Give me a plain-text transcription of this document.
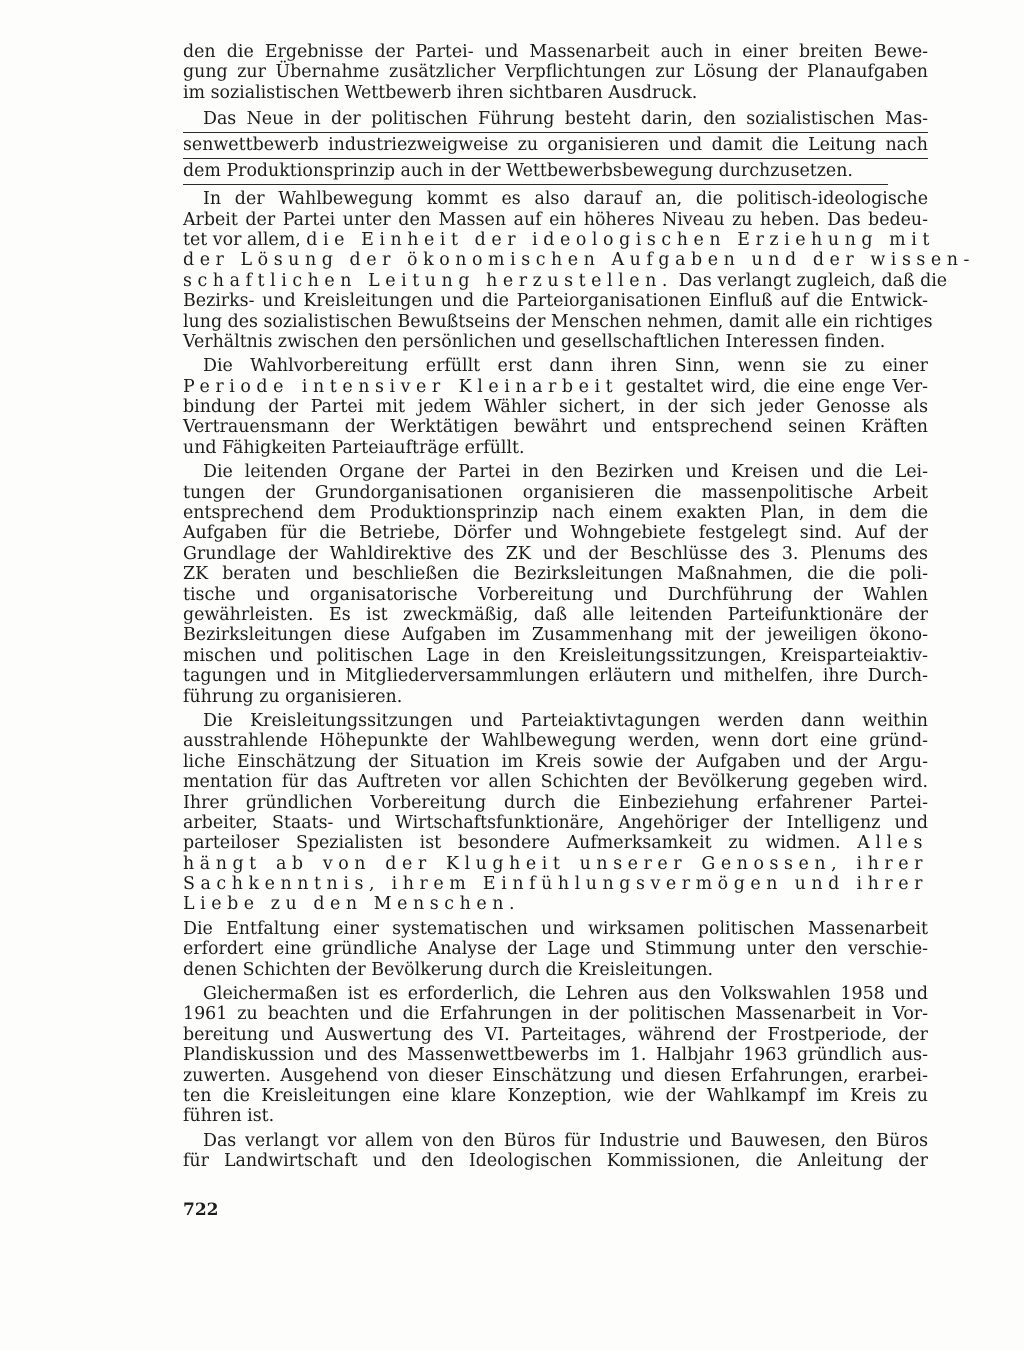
den die Ergebnisse der Partei- und Massenarbeit auch in einer breiten Bewe-
gung zur Übernahme zusätzlicher Verpflichtungen zur Lösung der Planaufgaben
im sozialistischen Wettbewerb ihren sichtbaren Ausdruck.
Das Neue in der politischen Führung besteht darin, den sozialistischen Mas-
senwettbewerb industriezweigweise zu organisieren und damit die Leitung nach
dem Produktionsprinzip auch in der Wettbewerbsbewegung durchzusetzen.
In der Wahlbewegung kommt es also darauf an, die politisch-ideologische
Arbeit der Partei unter den Massen auf ein höheres Niveau zu heben. Das bedeu-
tet vor allem, die Einheit der ideologischen Erziehung mit
der Lösung der ökonomischen Aufgaben und der wissen-
schaftlichen Leitung herzustellen. Das verlangt zugleich, daß die
Bezirks- und Kreisleitungen und die Parteiorganisationen Einfluß auf die Entwick-
lung des sozialistischen Bewußtseins der Menschen nehmen, damit alle ein richtiges
Verhältnis zwischen den persönlichen und gesellschaftlichen Interessen finden.
Die Wahlvorbereitung erfüllt erst dann ihren Sinn, wenn sie zu einer
Periode intensiver Kleinarbeit gestaltet wird, die eine enge Ver-
bindung der Partei mit jedem Wähler sichert, in der sich jeder Genosse als
Vertrauensmann der Werktätigen bewährt und entsprechend seinen Kräften
und Fähigkeiten Parteiaufträge erfüllt.
Die leitenden Organe der Partei in den Bezirken und Kreisen und die Lei-
tungen der Grundorganisationen organisieren die massenpolitische Arbeit
entsprechend dem Produktionsprinzip nach einem exakten Plan, in dem die
Aufgaben für die Betriebe, Dörfer und Wohngebiete festgelegt sind. Auf der
Grundlage der Wahldirektive des ZK und der Beschlüsse des 3. Plenums des
ZK beraten und beschließen die Bezirksleitungen Maßnahmen, die die poli-
tische und organisatorische Vorbereitung und Durchführung der Wahlen
gewährleisten. Es ist zweckmäßig, daß alle leitenden Parteifunktionäre der
Bezirksleitungen diese Aufgaben im Zusammenhang mit der jeweiligen ökono-
mischen und politischen Lage in den Kreisleitungssitzungen, Kreisparteiaktiv-
tagungen und in Mitgliederversammlungen erläutern und mithelfen, ihre Durch-
führung zu organisieren.
Die Kreisleitungssitzungen und Parteiaktivtagungen werden dann weithin
ausstrahlende Höhepunkte der Wahlbewegung werden, wenn dort eine gründ-
liche Einschätzung der Situation im Kreis sowie der Aufgaben und der Argu-
mentation für das Auftreten vor allen Schichten der Bevölkerung gegeben wird.
Ihrer gründlichen Vorbereitung durch die Einbeziehung erfahrener Partei-
arbeiter, Staats- und Wirtschaftsfunktionäre, Angehöriger der Intelligenz und
parteiloser Spezialisten ist besondere Aufmerksamkeit zu widmen. Alles
hängt ab von der Klugheit unserer Genossen, ihrer
Sachkenntnis, ihrem Einfühlungsvermögen und ihrer
Liebe zu den Menschen.
Die Entfaltung einer systematischen und wirksamen politischen Massenarbeit
erfordert eine gründliche Analyse der Lage und Stimmung unter den verschie-
denen Schichten der Bevölkerung durch die Kreisleitungen.
Gleichermaßen ist es erforderlich, die Lehren aus den Volkswahlen 1958 und
1961 zu beachten und die Erfahrungen in der politischen Massenarbeit in Vor-
bereitung und Auswertung des VI. Parteitages, während der Frostperiode, der
Plandiskussion und des Massenwettbewerbs im 1. Halbjahr 1963 gründlich aus-
zuwerten. Ausgehend von dieser Einschätzung und diesen Erfahrungen, erarbei-
ten die Kreisleitungen eine klare Konzeption, wie der Wahlkampf im Kreis zu
führen ist.
Das verlangt vor allem von den Büros für Industrie und Bauwesen, den Büros
für Landwirtschaft und den Ideologischen Kommissionen, die Anleitung der
722
